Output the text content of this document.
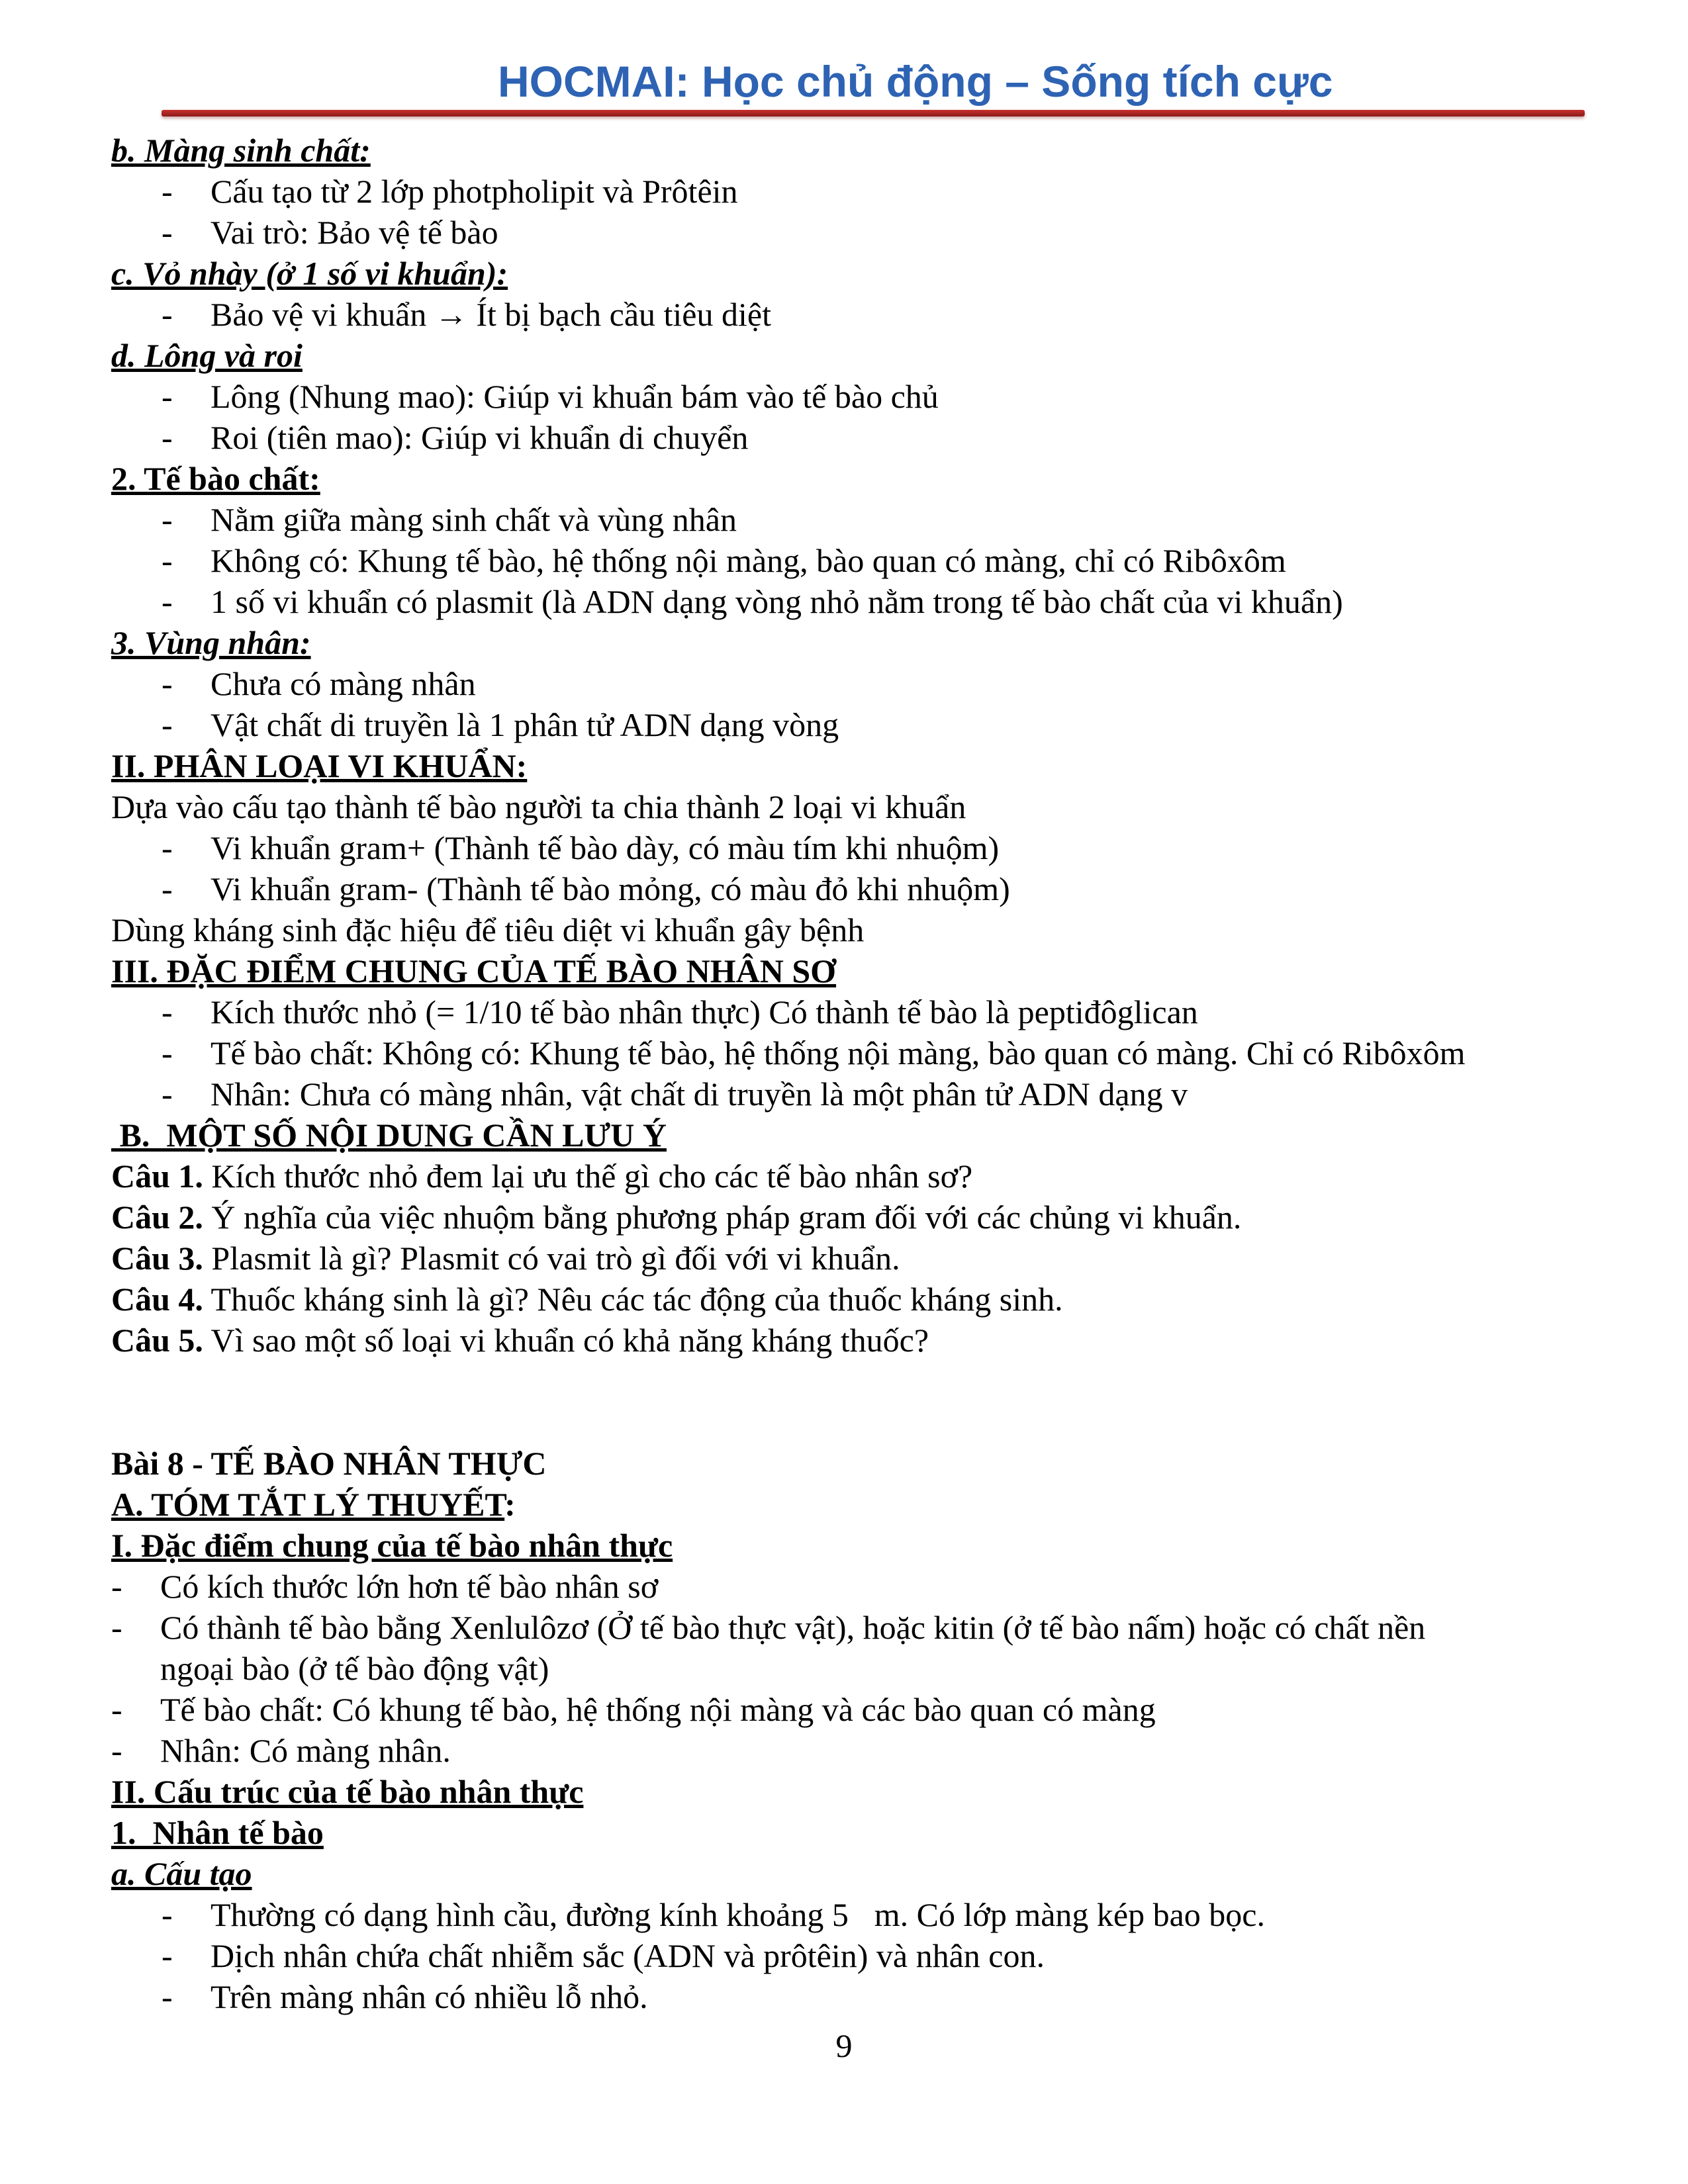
HOCMAI: Học chủ động – Sống tích cực
b. Màng sinh chất:
- Cấu tạo từ 2 lớp photpholipit và Prôtêin
- Vai trò: Bảo vệ tế bào
c. Vỏ nhày (ở 1 số vi khuẩn):
- Bảo vệ vi khuẩn → Ít bị bạch cầu tiêu diệt
d. Lông và roi
- Lông (Nhung mao): Giúp vi khuẩn bám vào tế bào chủ
- Roi (tiên mao): Giúp vi khuẩn di chuyển
2. Tế bào chất:
- Nằm giữa màng sinh chất và vùng nhân
- Không có: Khung tế bào, hệ thống nội màng, bào quan có màng, chỉ có Ribôxôm
- 1 số vi khuẩn có plasmit (là ADN dạng vòng nhỏ nằm trong tế bào chất của vi khuẩn)
3. Vùng nhân:
- Chưa có màng nhân
- Vật chất di truyền là 1 phân tử ADN dạng vòng
II. PHÂN LOẠI VI KHUẨN:
Dựa vào cấu tạo thành tế bào người ta chia thành 2 loại vi khuẩn
- Vi khuẩn gram+ (Thành tế bào dày, có màu tím khi nhuộm)
- Vi khuẩn gram- (Thành tế bào mỏng, có màu đỏ khi nhuộm)
Dùng kháng sinh đặc hiệu để tiêu diệt vi khuẩn gây bệnh
III. ĐẶC ĐIỂM CHUNG CỦA TẾ BÀO NHÂN SƠ
- Kích thước nhỏ (= 1/10 tế bào nhân thực) Có thành tế bào là peptiđôglican
- Tế bào chất: Không có: Khung tế bào, hệ thống nội màng, bào quan có màng. Chỉ có Ribôxôm
- Nhân: Chưa có màng nhân, vật chất di truyền là một phân tử ADN dạng v
B.  MỘT SỐ NỘI DUNG CẦN LƯU Ý
Câu 1. Kích thước nhỏ đem lại ưu thế gì cho các tế bào nhân sơ?
Câu 2. Ý nghĩa của việc nhuộm bằng phương pháp gram đối với các chủng vi khuẩn.
Câu 3. Plasmit là gì? Plasmit có vai trò gì đối với vi khuẩn.
Câu 4. Thuốc kháng sinh là gì? Nêu các tác động của thuốc kháng sinh.
Câu 5. Vì sao một số loại vi khuẩn có khả năng kháng thuốc?
Bài 8 - TẾ BÀO NHÂN THỰC
A. TÓM TẮT LÝ THUYẾT:
I. Đặc điểm chung của tế bào nhân thực
- Có kích thước lớn hơn tế bào nhân sơ
- Có thành tế bào bằng Xenlulôzơ (Ở tế bào thực vật), hoặc kitin (ở tế bào nấm) hoặc có chất nền
ngoại bào (ở tế bào động vật)
- Tế bào chất: Có khung tế bào, hệ thống nội màng và các bào quan có màng
- Nhân: Có màng nhân.
II. Cấu trúc của tế bào nhân thực
1.  Nhân tế bào
a. Cấu tạo
- Thường có dạng hình cầu, đường kính khoảng 5 m. Có lớp màng kép bao bọc.
- Dịch nhân chứa chất nhiễm sắc (ADN và prôtêin) và nhân con.
- Trên màng nhân có nhiều lỗ nhỏ.
9
